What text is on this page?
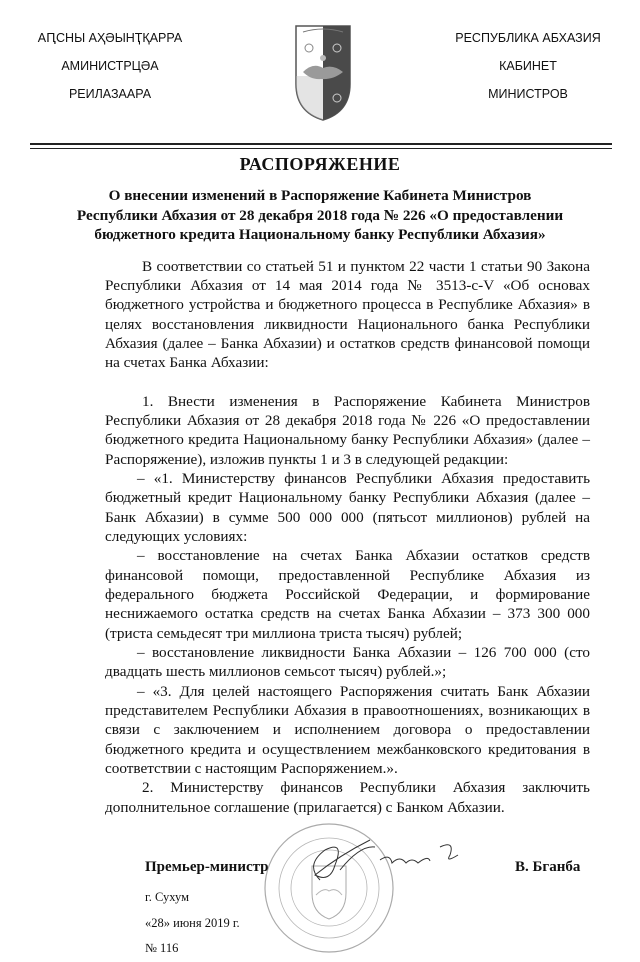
АԤСНЫ АҲӘЫНҬҚАРРА
АМИНИСТРЦӘА
РЕИЛАЗААРА
РЕСПУБЛИКА АБХАЗИЯ
КАБИНЕТ
МИНИСТРОВ
РАСПОРЯЖЕНИЕ
О внесении изменений в Распоряжение Кабинета Министров Республики Абхазия от 28 декабря 2018 года № 226 «О предоставлении бюджетного кредита Национальному банку Республики Абхазия»

В соответствии со статьей 51 и пунктом 22 части 1 статьи 90 Закона Республики Абхазия от 14 мая 2014 года № 3513-с-V «Об основах бюджетного устройства и бюджетного процесса в Республике Абхазия» в целях восстановления ликвидности Национального банка Республики Абхазия (далее – Банка Абхазии) и остатков средств финансовой помощи на счетах Банка Абхазии:

1. Внести изменения в Распоряжение Кабинета Министров Республики Абхазия от 28 декабря 2018 года № 226 «О предоставлении бюджетного кредита Национальному банку Республики Абхазия» (далее – Распоряжение), изложив пункты 1 и 3 в следующей редакции:

– «1. Министерству финансов Республики Абхазия предоставить бюджетный кредит Национальному банку Республики Абхазия (далее – Банк Абхазии) в сумме 500 000 000 (пятьсот миллионов) рублей на следующих условиях:

– восстановление на счетах Банка Абхазии остатков средств финансовой помощи, предоставленной Республике Абхазия из федерального бюджета Российской Федерации, и формирование неснижаемого остатка средств на счетах Банка Абхазии – 373 300 000 (триста семьдесят три миллиона триста тысяч) рублей;

– восстановление ликвидности Банка Абхазии – 126 700 000 (сто двадцать шесть миллионов семьсот тысяч) рублей.»;

– «3. Для целей настоящего Распоряжения считать Банк Абхазии представителем Республики Абхазия в правоотношениях, возникающих в связи с заключением и исполнением договора о предоставлении бюджетного кредита и осуществлением межбанковского кредитования в соответствии с настоящим Распоряжением.».

2. Министерству финансов Республики Абхазия заключить дополнительное соглашение (прилагается) с Банком Абхазии.

Премьер-министр	В. Бганба
г. Сухум
«28» июня 2019 г.
№ 116
